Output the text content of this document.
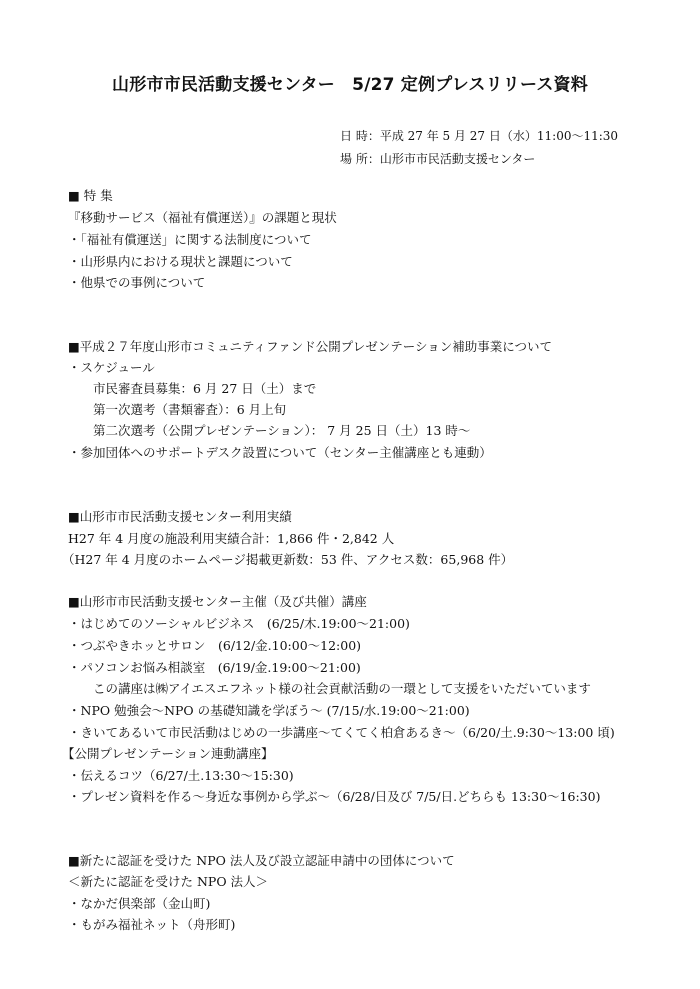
山形市市民活動支援センター　5/27 定例プレスリリース資料
日 時：平成 27 年 5 月 27 日（水）11:00〜11:30
場 所：山形市市民活動支援センター
■ 特 集
『移動サービス（福祉有償運送）』の課題と現状
・「福祉有償運送」に関する法制度について
・山形県内における現状と課題について
・他県での事例について
■平成２７年度山形市コミュニティファンド公開プレゼンテーション補助事業について
・スケジュール
市民審査員募集：6 月 27 日（土）まで
第一次選考（書類審査）：6 月上旬
第二次選考（公開プレゼンテーション）： 7 月 25 日（土）13 時〜
・参加団体へのサポートデスク設置について（センター主催講座とも連動）
■山形市市民活動支援センター利用実績
H27 年 4 月度の施設利用実績合計：1,866 件・2,842 人
（H27 年 4 月度のホームページ掲載更新数：53 件、アクセス数：65,968 件）
■山形市市民活動支援センター主催（及び共催）講座
・はじめてのソーシャルビジネス　(6/25/木.19:00〜21:00)
・つぶやきホッとサロン　(6/12/金.10:00〜12:00)
・パソコンお悩み相談室　(6/19/金.19:00〜21:00)
この講座は㈱アイエスエフネット様の社会貢献活動の一環として支援をいただいています
・NPO 勉強会〜NPO の基礎知識を学ぼう〜 (7/15/水.19:00〜21:00)
・きいてあるいて市民活動はじめの一歩講座〜てくてく柏倉あるき〜（6/20/土.9:30〜13:00 頃)
【公開プレゼンテーション連動講座】
・伝えるコツ（6/27/土.13:30〜15:30)
・プレゼン資料を作る〜身近な事例から学ぶ〜（6/28/日及び 7/5/日.どちらも 13:30〜16:30)
■新たに認証を受けた NPO 法人及び設立認証申請中の団体について
＜新たに認証を受けた NPO 法人＞
・なかだ倶楽部（金山町)
・もがみ福祉ネット（舟形町)
